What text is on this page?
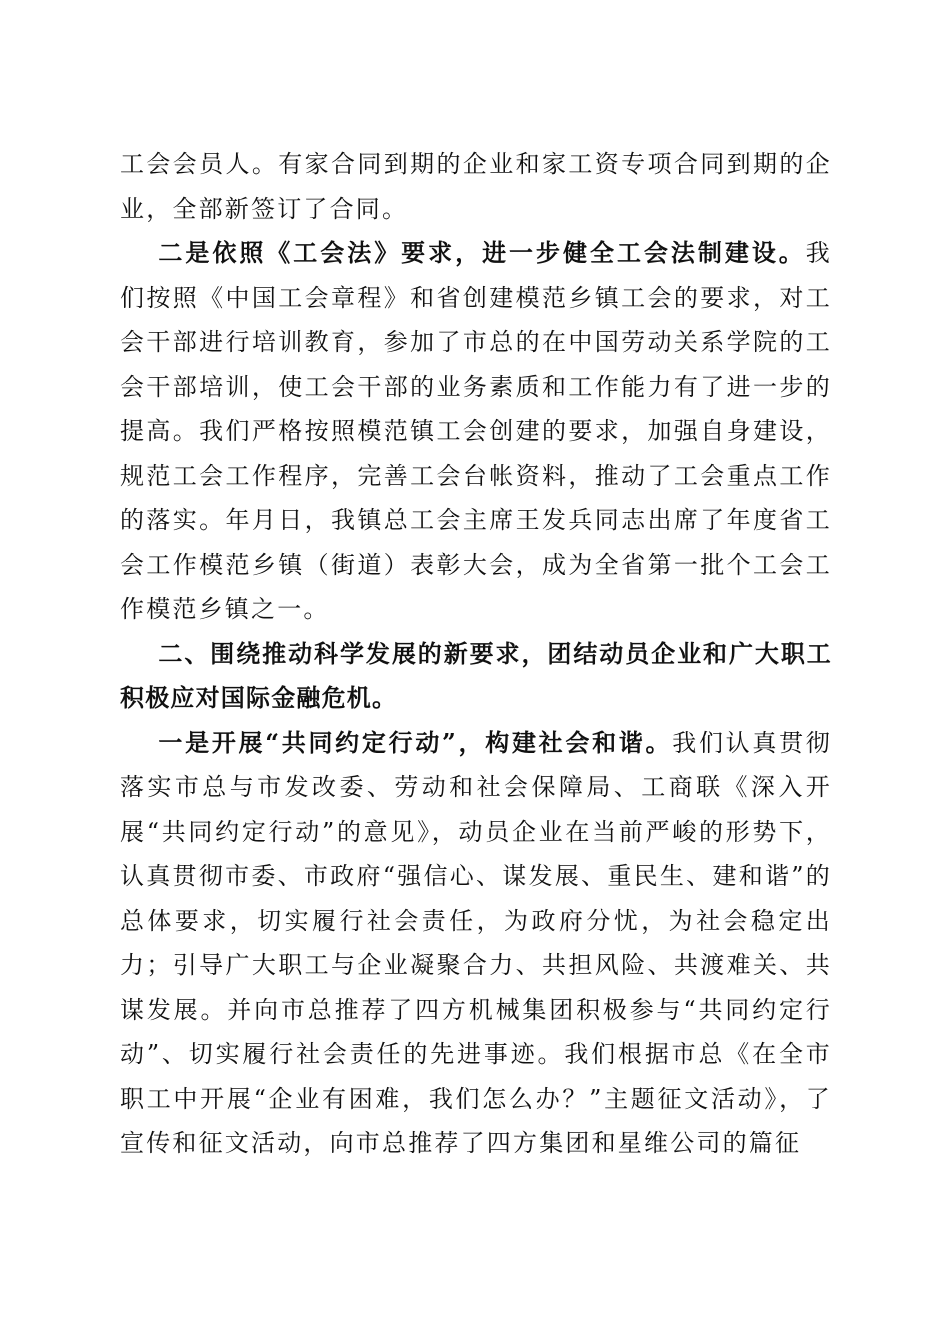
工会会员人。有家合同到期的企业和家工资专项合同到期的企业，全部新签订了合同。

二是依照《工会法》要求，进一步健全工会法制建设。我们按照《中国工会章程》和省创建模范乡镇工会的要求，对工会干部进行培训教育，参加了市总的在中国劳动关系学院的工会干部培训，使工会干部的业务素质和工作能力有了进一步的提高。我们严格按照模范镇工会创建的要求，加强自身建设，规范工会工作程序，完善工会台帐资料，推动了工会重点工作的落实。年月日，我镇总工会主席王发兵同志出席了年度省工会工作模范乡镇（街道）表彰大会，成为全省第一批个工会工作模范乡镇之一。

二、围绕推动科学发展的新要求，团结动员企业和广大职工积极应对国际金融危机。

一是开展“共同约定行动”，构建社会和谐。我们认真贯彻落实市总与市发改委、劳动和社会保障局、工商联《深入开展“共同约定行动”的意见》，动员企业在当前严峻的形势下，认真贯彻市委、市政府“强信心、谋发展、重民生、建和谐”的总体要求，切实履行社会责任，为政府分忧，为社会稳定出力；引导广大职工与企业凝聚合力、共担风险、共渡难关、共谋发展。并向市总推荐了四方机械集团积极参与“共同约定行动”、切实履行社会责任的先进事迹。我们根据市总《在全市职工中开展“企业有困难，我们怎么办？”主题征文活动》，了宣传和征文活动，向市总推荐了四方集团和星维公司的篇征
